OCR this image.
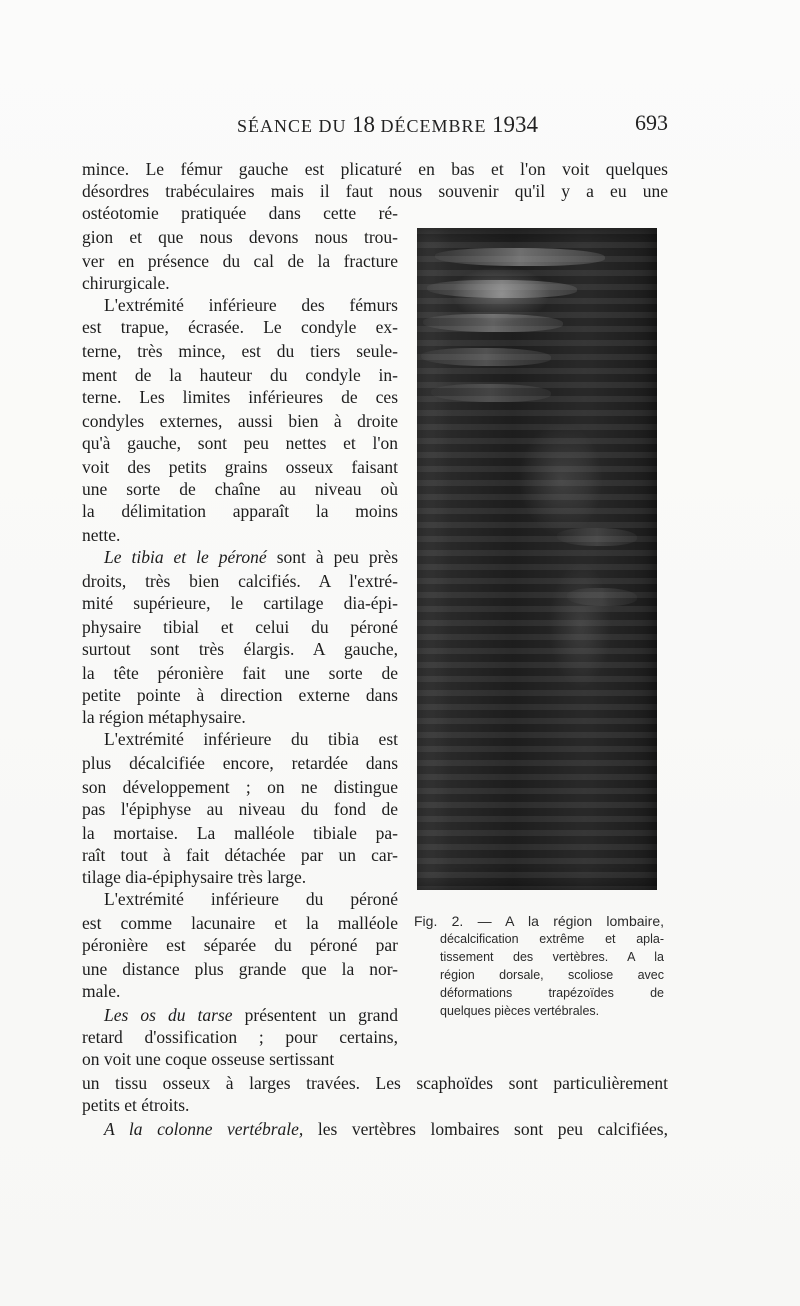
SÉANCE DU 18 DÉCEMBRE 1934	693
mince. Le fémur gauche est plicaturé en bas et l'on voit quelques
désordres trabéculaires mais il faut nous souvenir qu'il y a eu une
ostéotomie pratiquée dans cette ré-
gion et que nous devons nous trou-
ver en présence du cal de la fracture
chirurgicale.
L'extrémité inférieure des fémurs
est trapue, écrasée. Le condyle ex-
terne, très mince, est du tiers seule-
ment de la hauteur du condyle in-
terne. Les limites inférieures de ces
condyles externes, aussi bien à droite
qu'à gauche, sont peu nettes et l'on
voit des petits grains osseux faisant
une sorte de chaîne au niveau où
la délimitation apparaît la moins
nette.
Le tibia et le péroné sont à peu près
droits, très bien calcifiés. A l'extré-
mité supérieure, le cartilage dia-épi-
physaire tibial et celui du péroné
surtout sont très élargis. A gauche,
la tête péronière fait une sorte de
petite pointe à direction externe dans
la région métaphysaire.
L'extrémité inférieure du tibia est
plus décalcifiée encore, retardée dans
son développement ; on ne distingue
pas l'épiphyse au niveau du fond de
la mortaise. La malléole tibiale pa-
raît tout à fait détachée par un car-
tilage dia-épiphysaire très large.
L'extrémité inférieure du péroné
est comme lacunaire et la malléole
péronière est séparée du péroné par
une distance plus grande que la nor-
male.
Les os du tarse présentent un grand
retard d'ossification ; pour certains,
on voit une coque osseuse sertissant
un tissu osseux à larges travées. Les scaphoïdes sont particulièrement
petits et étroits.
A la colonne vertébrale, les vertèbres lombaires sont peu calcifiées,
Fig. 2. — A la région lombaire,
décalcification extrême et apla-
tissement des vertèbres. A la
région dorsale, scoliose avec
déformations trapézoïdes de
quelques pièces vertébrales.
